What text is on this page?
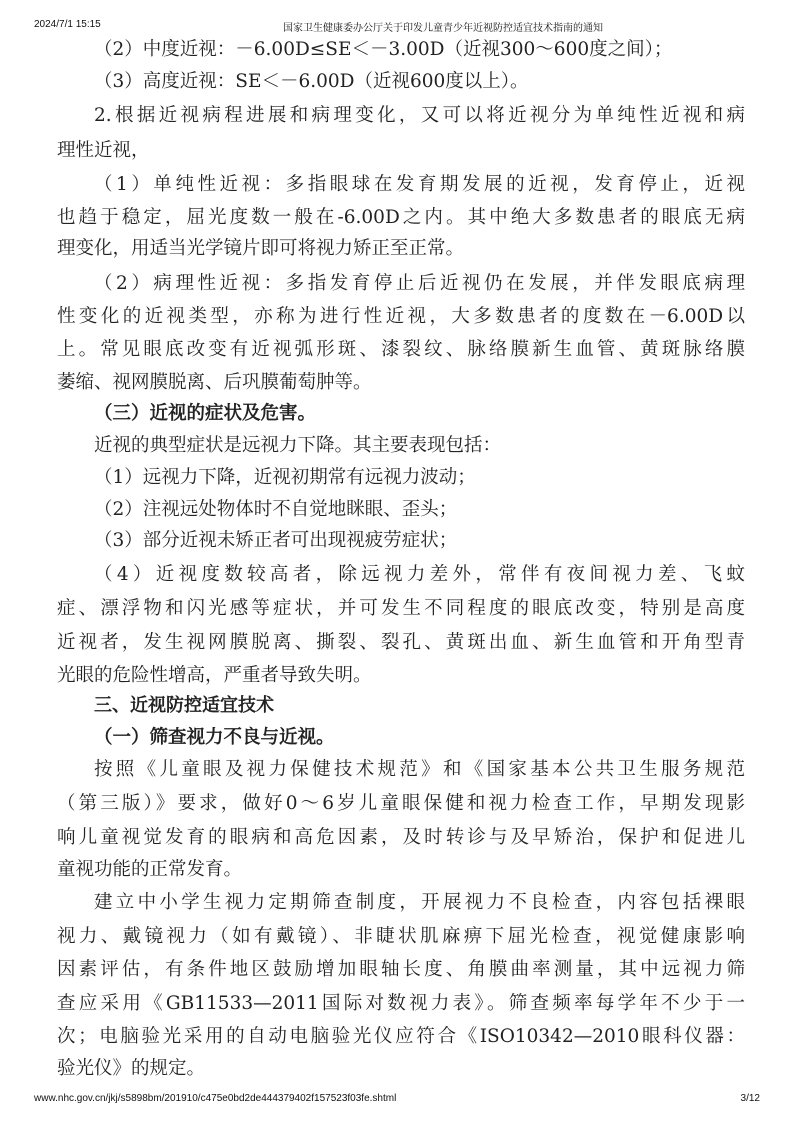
2024/7/1 15:15	国家卫生健康委办公厅关于印发儿童青少年近视防控适宜技术指南的通知
（2）中度近视：－6.00D≤SE＜－3.00D（近视300～600度之间）；
（3）高度近视：SE＜－6.00D（近视600度以上）。
2.根据近视病程进展和病理变化，又可以将近视分为单纯性近视和病
理性近视，
（1）单纯性近视：多指眼球在发育期发展的近视，发育停止，近视
也趋于稳定，屈光度数一般在-6.00D之内。其中绝大多数患者的眼底无病
理变化，用适当光学镜片即可将视力矫正至正常。
（2）病理性近视：多指发育停止后近视仍在发展，并伴发眼底病理
性变化的近视类型，亦称为进行性近视，大多数患者的度数在－6.00D以
上。常见眼底改变有近视弧形斑、漆裂纹、脉络膜新生血管、黄斑脉络膜
萎缩、视网膜脱离、后巩膜葡萄肿等。
（三）近视的症状及危害。
近视的典型症状是远视力下降。其主要表现包括：
（1）远视力下降，近视初期常有远视力波动；
（2）注视远处物体时不自觉地眯眼、歪头；
（3）部分近视未矫正者可出现视疲劳症状；
（4）近视度数较高者，除远视力差外，常伴有夜间视力差、飞蚊
症、漂浮物和闪光感等症状，并可发生不同程度的眼底改变，特别是高度
近视者，发生视网膜脱离、撕裂、裂孔、黄斑出血、新生血管和开角型青
光眼的危险性增高，严重者导致失明。
三、近视防控适宜技术
（一）筛查视力不良与近视。
按照《儿童眼及视力保健技术规范》和《国家基本公共卫生服务规范
（第三版）》要求，做好0～6岁儿童眼保健和视力检查工作，早期发现影
响儿童视觉发育的眼病和高危因素，及时转诊与及早矫治，保护和促进儿
童视功能的正常发育。
建立中小学生视力定期筛查制度，开展视力不良检查，内容包括裸眼
视力、戴镜视力（如有戴镜）、非睫状肌麻痹下屈光检查，视觉健康影响
因素评估，有条件地区鼓励增加眼轴长度、角膜曲率测量，其中远视力筛
查应采用《GB11533—2011国际对数视力表》。筛查频率每学年不少于一
次；电脑验光采用的自动电脑验光仪应符合《ISO10342—2010眼科仪器：
验光仪》的规定。
www.nhc.gov.cn/jkj/s5898bm/201910/c475e0bd2de444379402f157523f03fe.shtml	3/12
